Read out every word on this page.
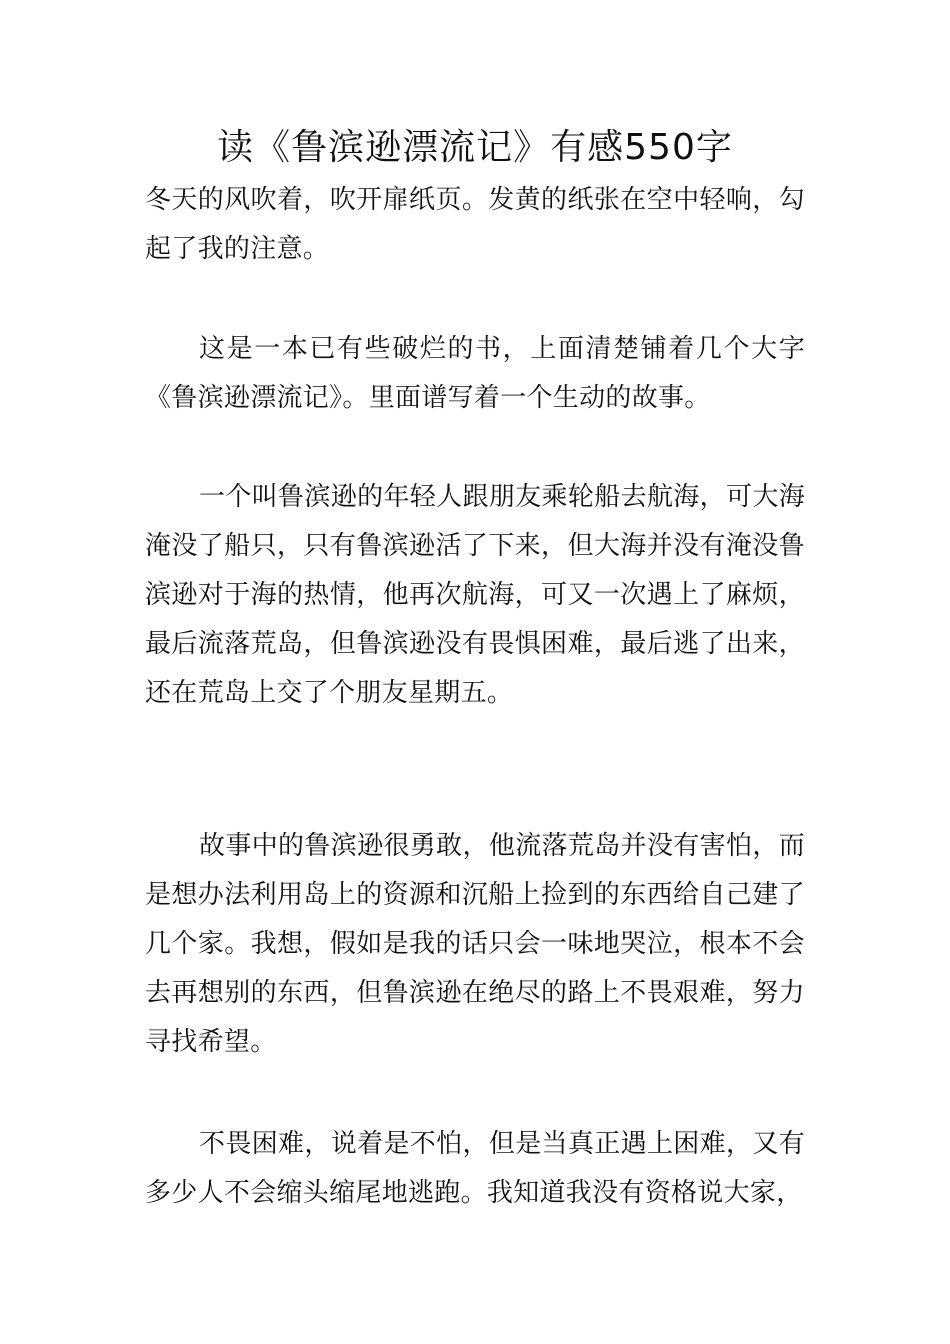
读《鲁滨逊漂流记》有感550字

冬天的风吹着，吹开扉纸页。发黄的纸张在空中轻响，勾起了我的注意。

这是一本已有些破烂的书，上面清楚铺着几个大字《鲁滨逊漂流记》。里面谱写着一个生动的故事。

一个叫鲁滨逊的年轻人跟朋友乘轮船去航海，可大海淹没了船只，只有鲁滨逊活了下来，但大海并没有淹没鲁滨逊对于海的热情，他再次航海，可又一次遇上了麻烦，最后流落荒岛，但鲁滨逊没有畏惧困难，最后逃了出来，还在荒岛上交了个朋友星期五。

故事中的鲁滨逊很勇敢，他流落荒岛并没有害怕，而是想办法利用岛上的资源和沉船上捡到的东西给自己建了几个家。我想，假如是我的话只会一味地哭泣，根本不会去再想别的东西，但鲁滨逊在绝尽的路上不畏艰难，努力寻找希望。

不畏困难，说着是不怕，但是当真正遇上困难，又有多少人不会缩头缩尾地逃跑。我知道我没有资格说大家，
